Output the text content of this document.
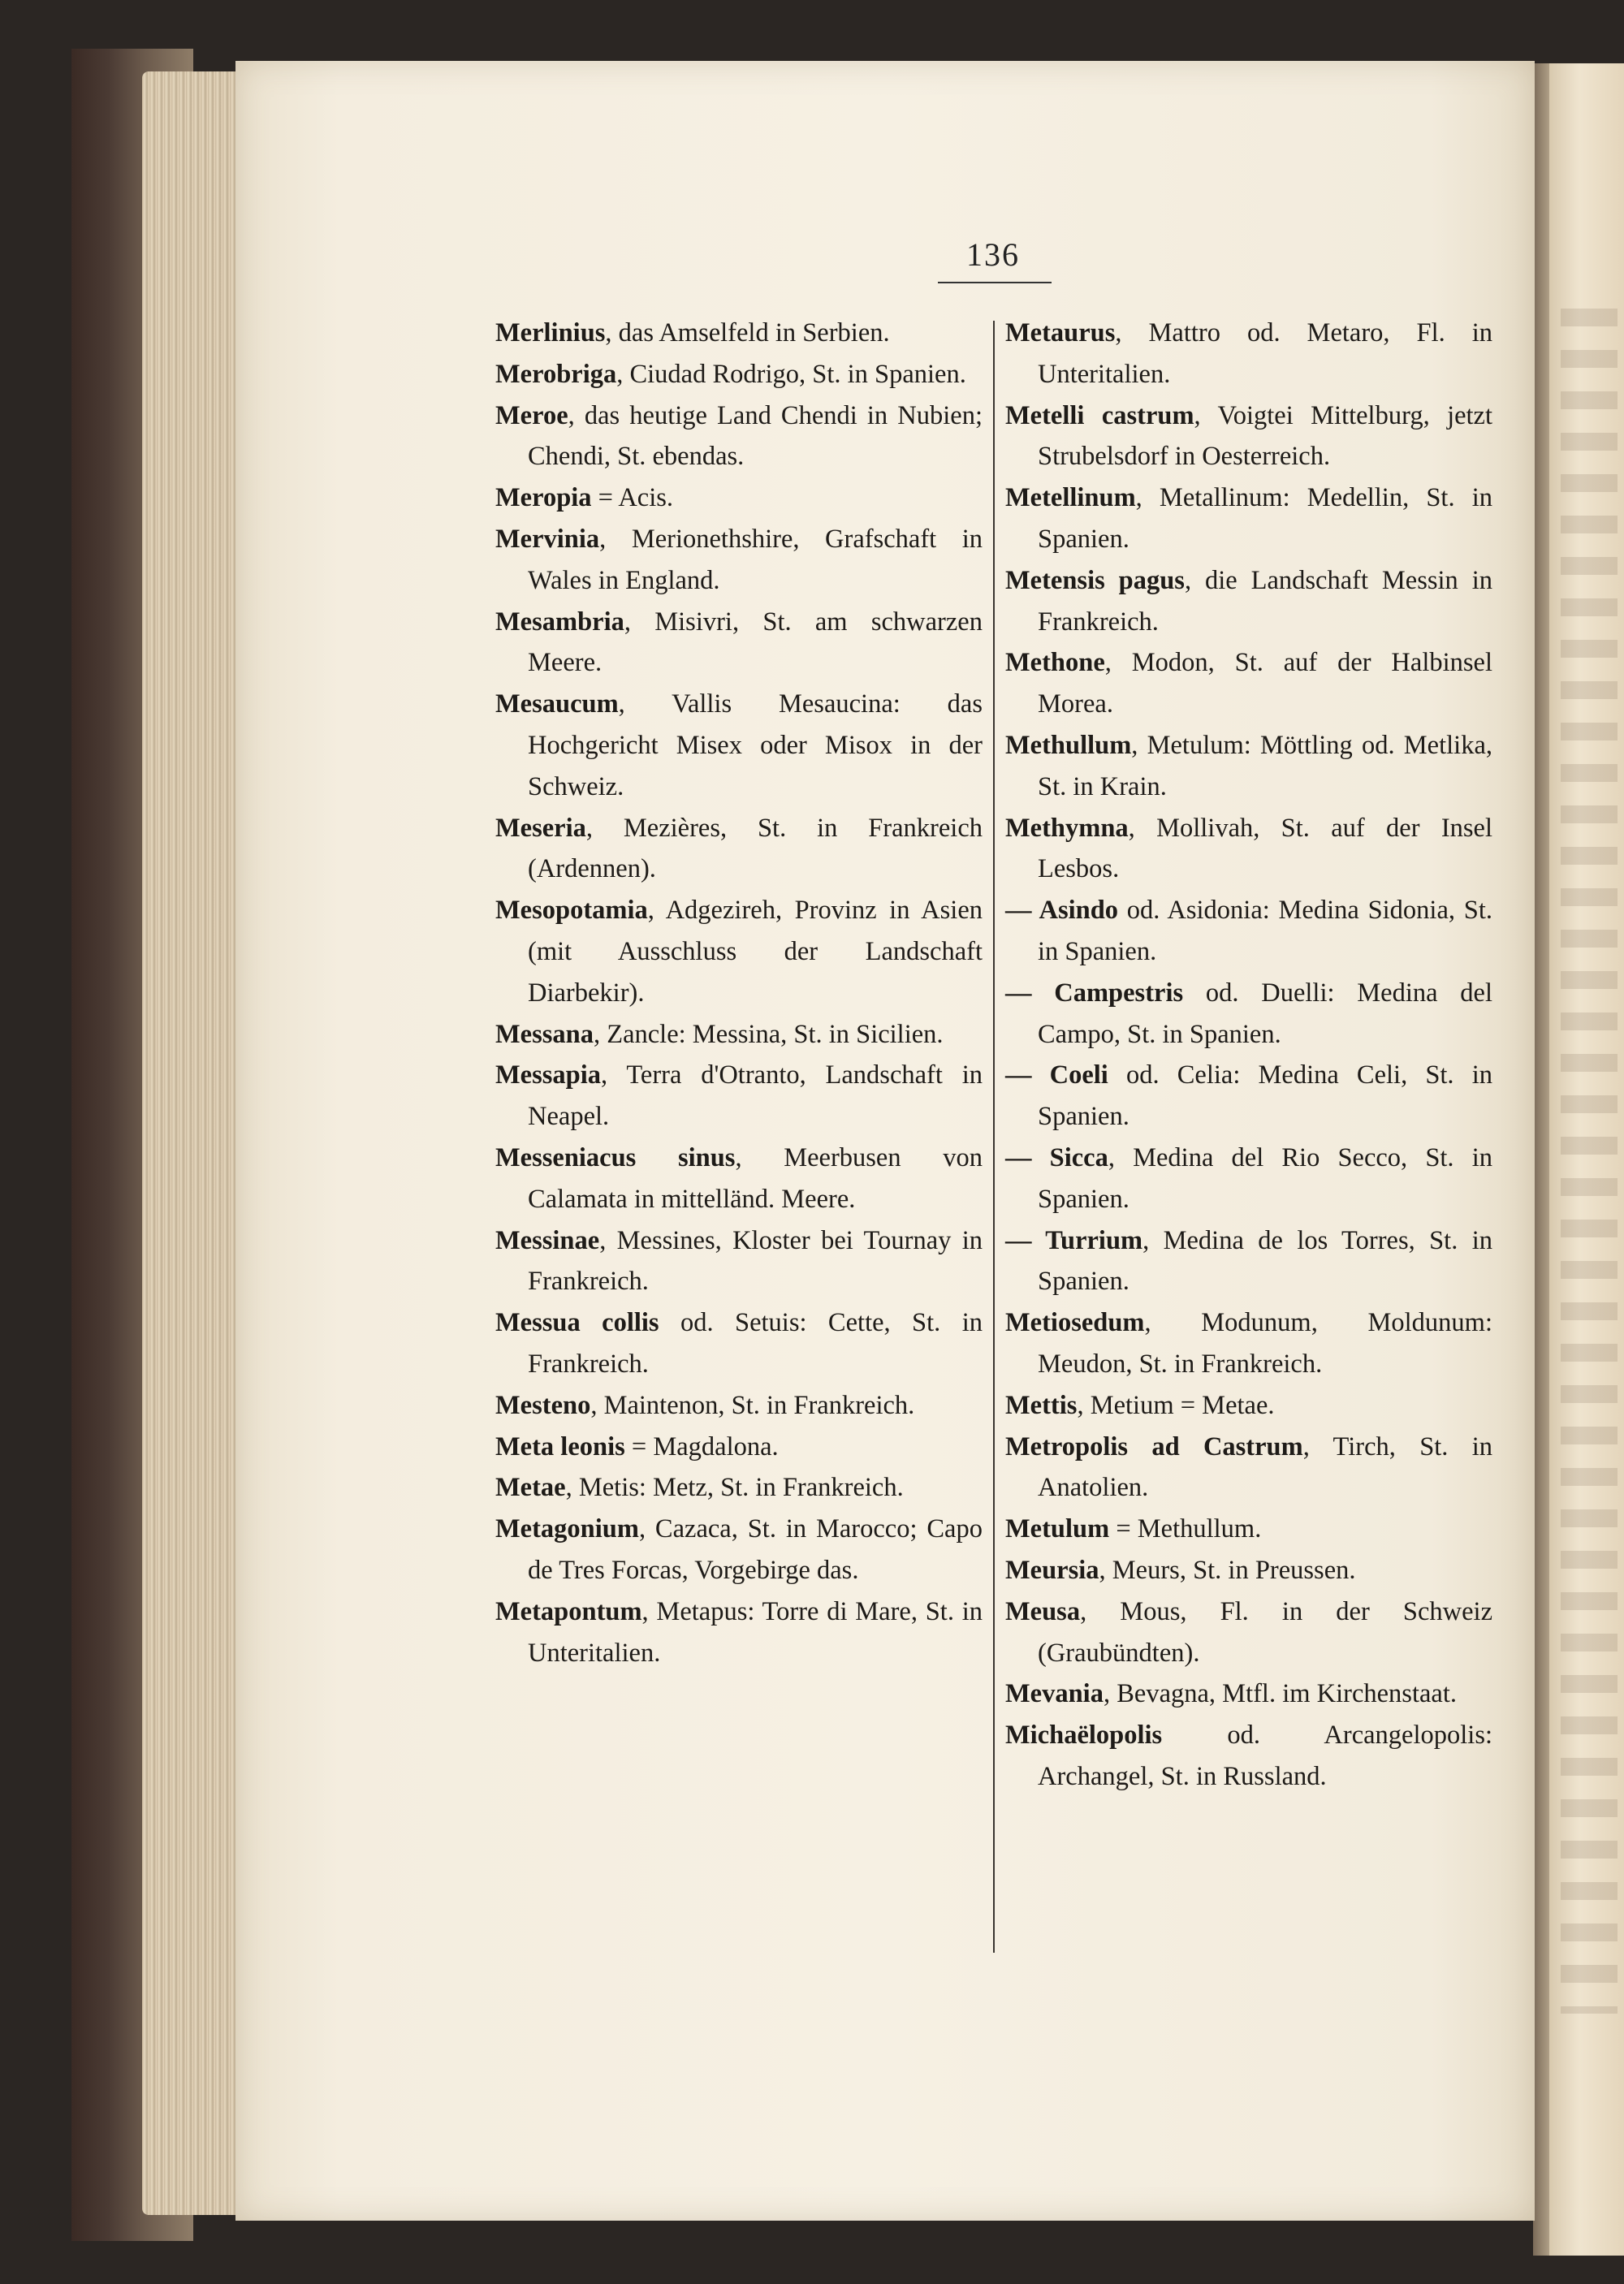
136

Merlinius, das Amselfeld in Serbien.

Merobriga, Ciudad Rodrigo, St. in Spanien.

Meroe, das heutige Land Chendi in Nubien; Chendi, St. ebendas.

Meropia = Acis.

Mervinia, Merionethshire, Grafschaft in Wales in England.

Mesambria, Misivri, St. am schwarzen Meere.

Mesaucum, Vallis Mesaucina: das Hochgericht Misex oder Misox in der Schweiz.

Meseria, Mezières, St. in Frankreich (Ardennen).

Mesopotamia, Adgezireh, Provinz in Asien (mit Ausschluss der Landschaft Diarbekir).

Messana, Zancle: Messina, St. in Sicilien.

Messapia, Terra d'Otranto, Landschaft in Neapel.

Messeniacus sinus, Meerbusen von Calamata in mittelländ. Meere.

Messinae, Messines, Kloster bei Tournay in Frankreich.

Messua collis od. Setuis: Cette, St. in Frankreich.

Mesteno, Maintenon, St. in Frankreich.

Meta leonis = Magdalona.

Metae, Metis: Metz, St. in Frankreich.

Metagonium, Cazaca, St. in Marocco; Capo de Tres Forcas, Vorgebirge das.

Metapontum, Metapus: Torre di Mare, St. in Unteritalien.

Metaurus, Mattro od. Metaro, Fl. in Unteritalien.

Metelli castrum, Voigtei Mittelburg, jetzt Strubelsdorf in Oesterreich.

Metellinum, Metallinum: Medellin, St. in Spanien.

Metensis pagus, die Landschaft Messin in Frankreich.

Methone, Modon, St. auf der Halbinsel Morea.

Methullum, Metulum: Möttling od. Metlika, St. in Krain.

Methymna, Mollivah, St. auf der Insel Lesbos.

— Asindo od. Asidonia: Medina Sidonia, St. in Spanien.

— Campestris od. Duelli: Medina del Campo, St. in Spanien.

— Coeli od. Celia: Medina Celi, St. in Spanien.

— Sicca, Medina del Rio Secco, St. in Spanien.

— Turrium, Medina de los Torres, St. in Spanien.

Metiosedum, Modunum, Moldunum: Meudon, St. in Frankreich.

Mettis, Metium = Metae.

Metropolis ad Castrum, Tirch, St. in Anatolien.

Metulum = Methullum.

Meursia, Meurs, St. in Preussen.

Meusa, Mous, Fl. in der Schweiz (Graubündten).

Mevania, Bevagna, Mtfl. im Kirchenstaat.

Michaëlopolis od. Arcangelopolis: Archangel, St. in Russland.
